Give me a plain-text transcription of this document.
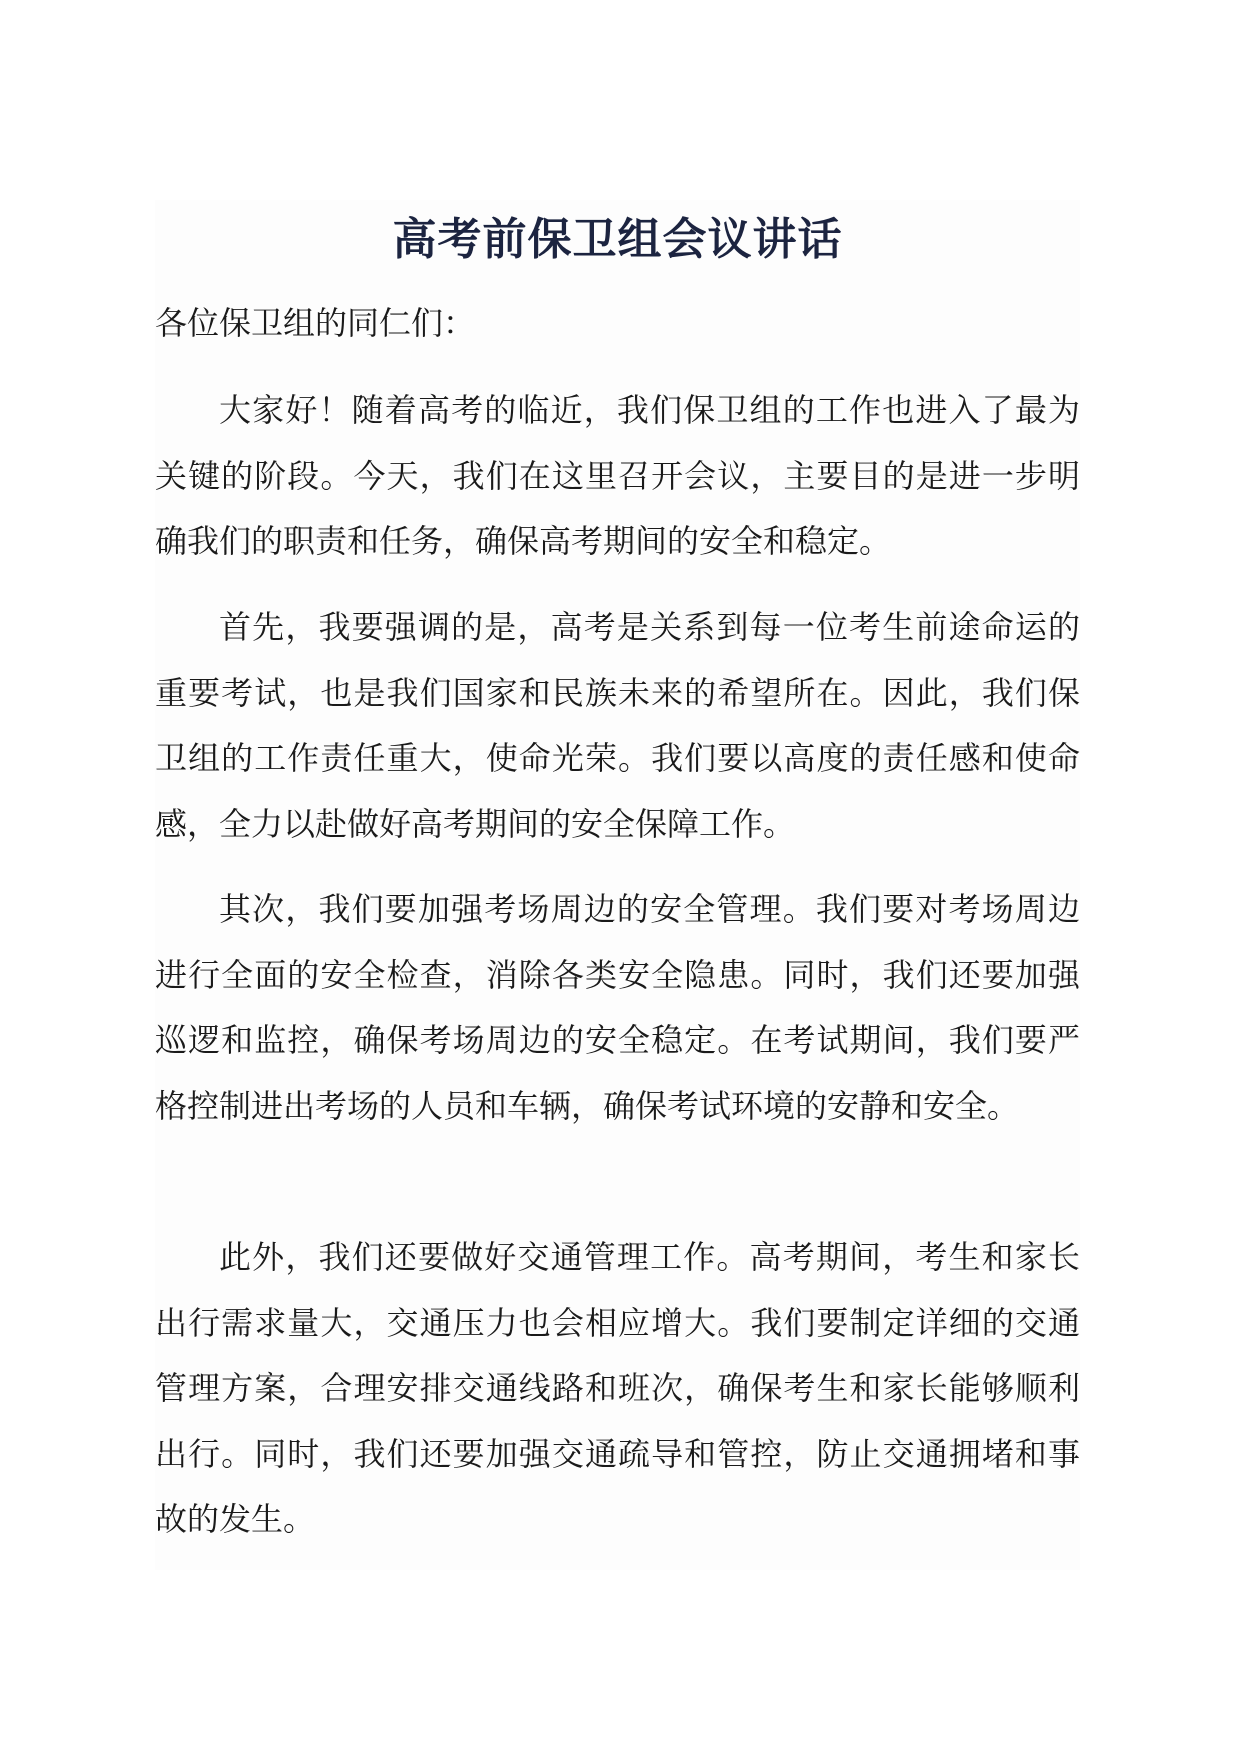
高考前保卫组会议讲话
各位保卫组的同仁们：

大家好！随着高考的临近，我们保卫组的工作也进入了最为关键的阶段。今天，我们在这里召开会议，主要目的是进一步明确我们的职责和任务，确保高考期间的安全和稳定。

首先，我要强调的是，高考是关系到每一位考生前途命运的重要考试，也是我们国家和民族未来的希望所在。因此，我们保卫组的工作责任重大，使命光荣。我们要以高度的责任感和使命感，全力以赴做好高考期间的安全保障工作。

其次，我们要加强考场周边的安全管理。我们要对考场周边进行全面的安全检查，消除各类安全隐患。同时，我们还要加强巡逻和监控，确保考场周边的安全稳定。在考试期间，我们要严格控制进出考场的人员和车辆，确保考试环境的安静和安全。

此外，我们还要做好交通管理工作。高考期间，考生和家长出行需求量大，交通压力也会相应增大。我们要制定详细的交通管理方案，合理安排交通线路和班次，确保考生和家长能够顺利出行。同时，我们还要加强交通疏导和管控，防止交通拥堵和事故的发生。
